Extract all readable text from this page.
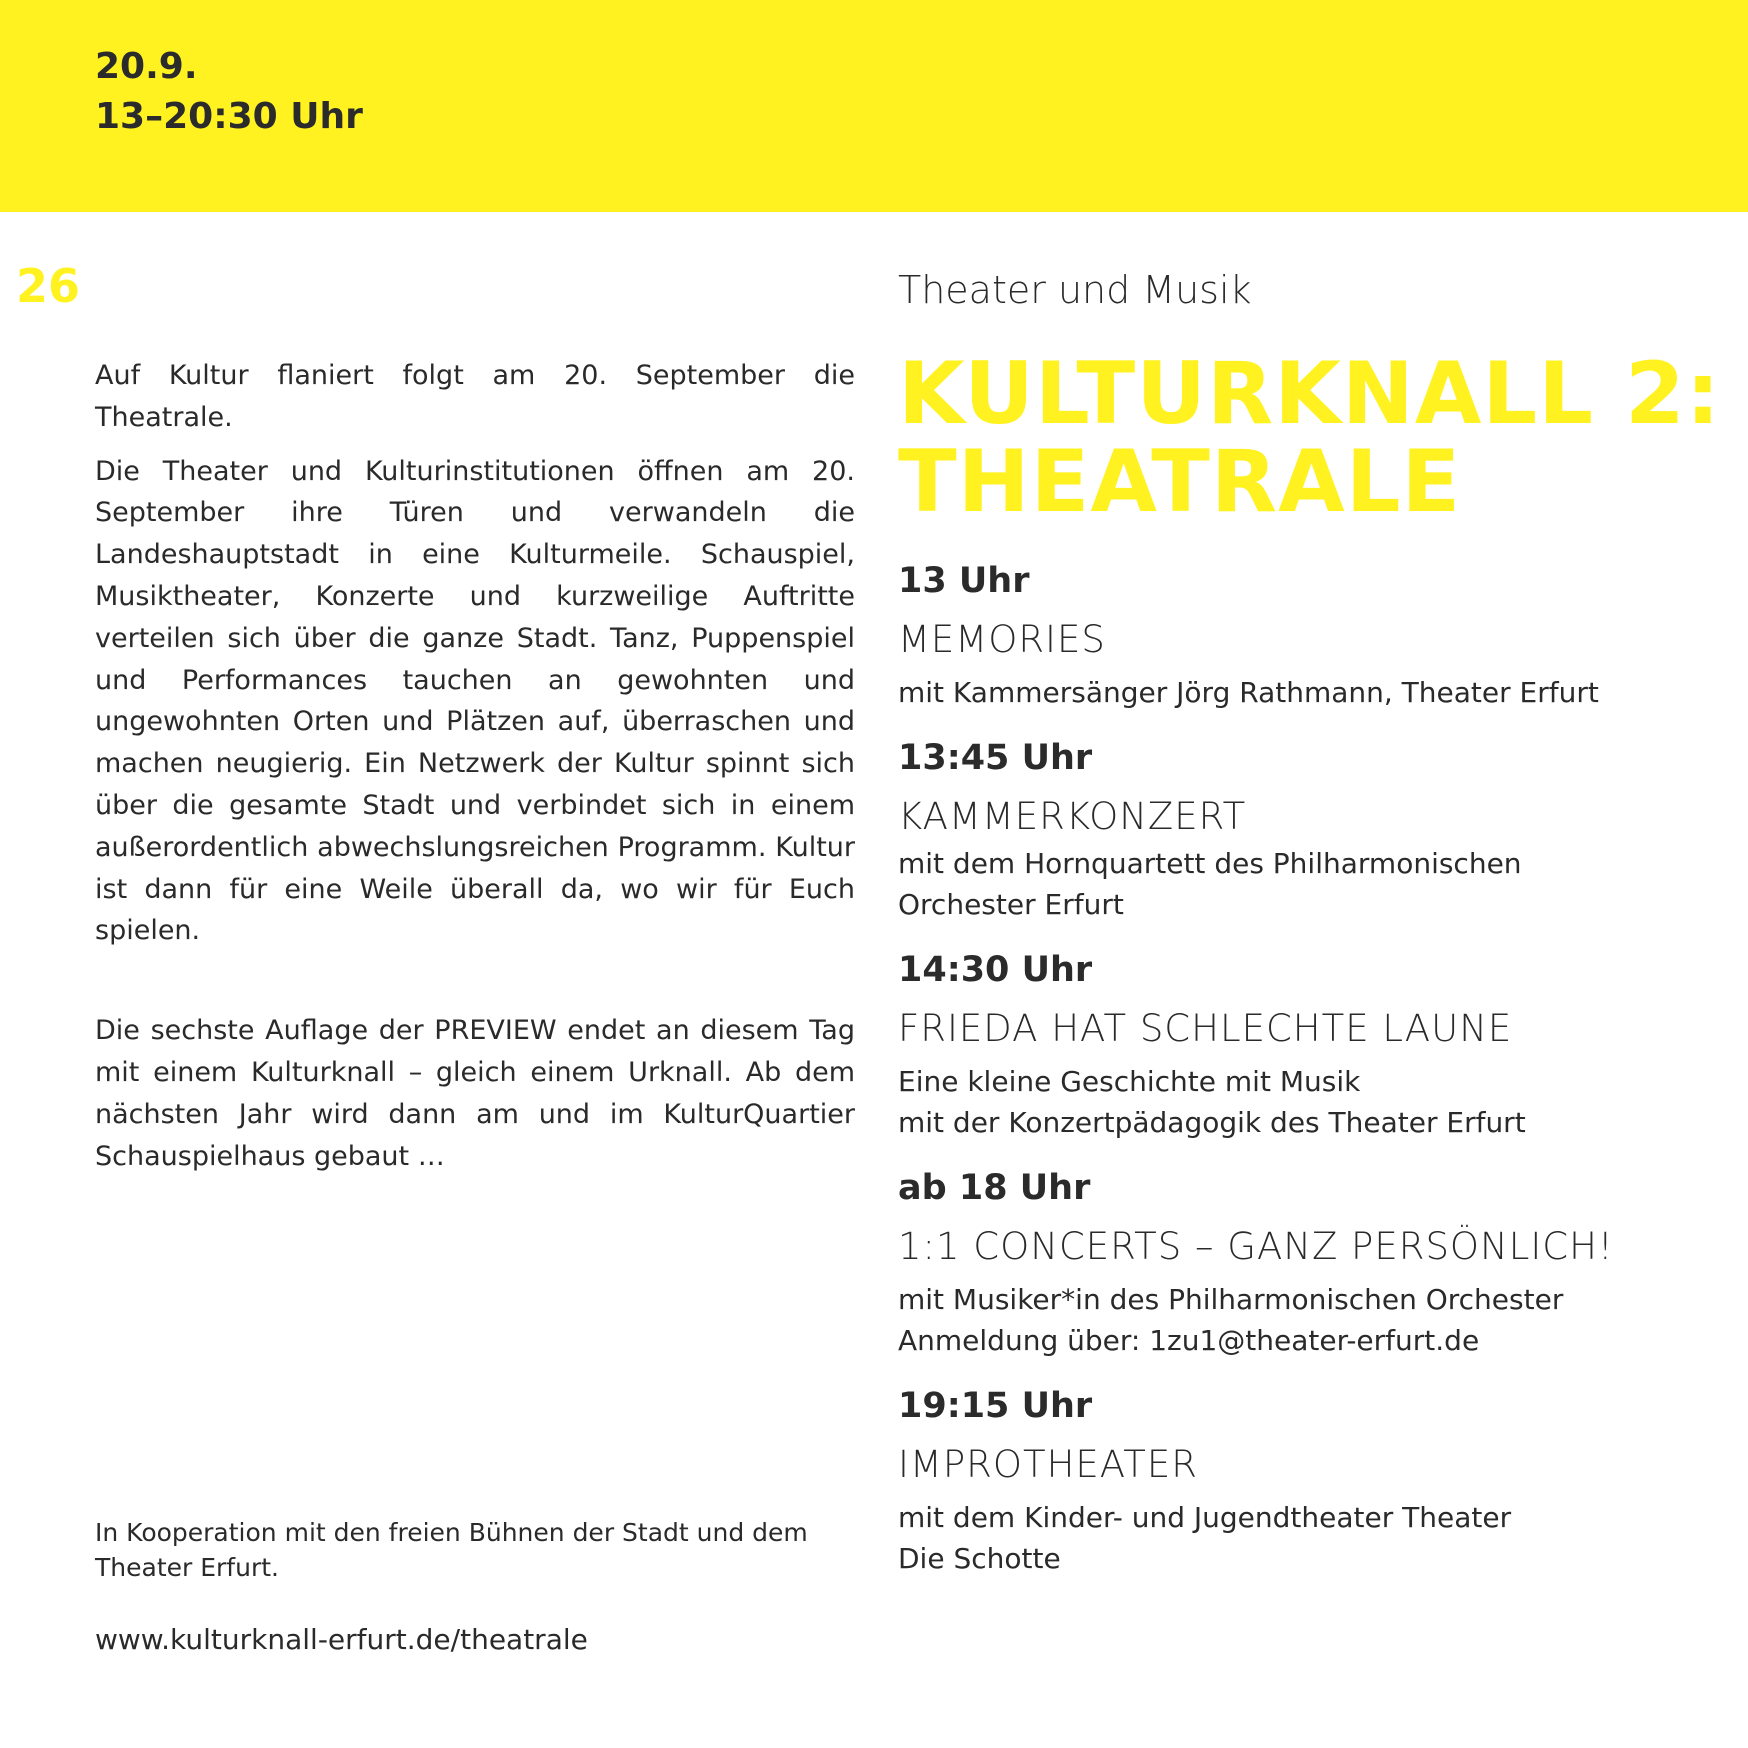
20.9.
13–20:30 Uhr
26

Auf Kultur flaniert folgt am 20. September die Theatrale.

Die Theater und Kulturinstitutionen öffnen am 20. September ihre Türen und verwandeln die Landeshauptstadt in eine Kulturmeile. Schauspiel, Musiktheater, Konzerte und kurzweilige Auftritte verteilen sich über die ganze Stadt. Tanz, Puppenspiel und Performances tauchen an gewohnten und ungewohnten Orten und Plätzen auf, überraschen und machen neugierig. Ein Netzwerk der Kultur spinnt sich über die gesamte Stadt und verbindet sich in einem außerordentlich abwechslungsreichen Programm. Kultur ist dann für eine Weile überall da, wo wir für Euch spielen.

Die sechste Auflage der PREVIEW endet an diesem Tag mit einem Kulturknall – gleich einem Urknall. Ab dem nächsten Jahr wird dann am und im KulturQuartier Schauspielhaus gebaut …

In Kooperation mit den freien Bühnen der Stadt und dem Theater Erfurt.
www.kulturknall-erfurt.de/theatrale
Theater und Musik
KULTURKNALL 2:
THEATRALE
13 Uhr
MEMORIES
mit Kammersänger Jörg Rathmann, Theater Erfurt
13:45 Uhr
KAMMERKONZERT
mit dem Hornquartett des Philharmonischen
Orchester Erfurt
14:30 Uhr
FRIEDA HAT SCHLECHTE LAUNE
Eine kleine Geschichte mit Musik
mit der Konzertpädagogik des Theater Erfurt
ab 18 Uhr
1:1 CONCERTS – GANZ PERSÖNLICH!
mit Musiker*in des Philharmonischen Orchester
Anmeldung über: 1zu1@theater-erfurt.de
19:15 Uhr
IMPROTHEATER
mit dem Kinder- und Jugendtheater Theater
Die Schotte
